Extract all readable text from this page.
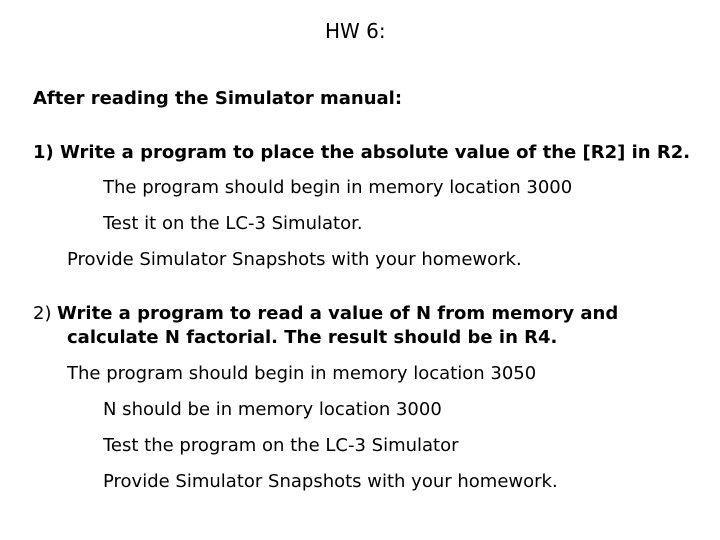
HW 6:
After reading the Simulator manual:
1) Write a program to place the absolute value of the [R2] in R2.
The program should begin in memory location 3000
Test it on the LC-3 Simulator.
Provide Simulator Snapshots with your homework.
2) Write a program to read a value of N from memory and
calculate N factorial. The result should be in R4.
The program should begin in memory location 3050
N should be in memory location 3000
Test the program on the LC-3 Simulator
Provide Simulator Snapshots with your homework.
